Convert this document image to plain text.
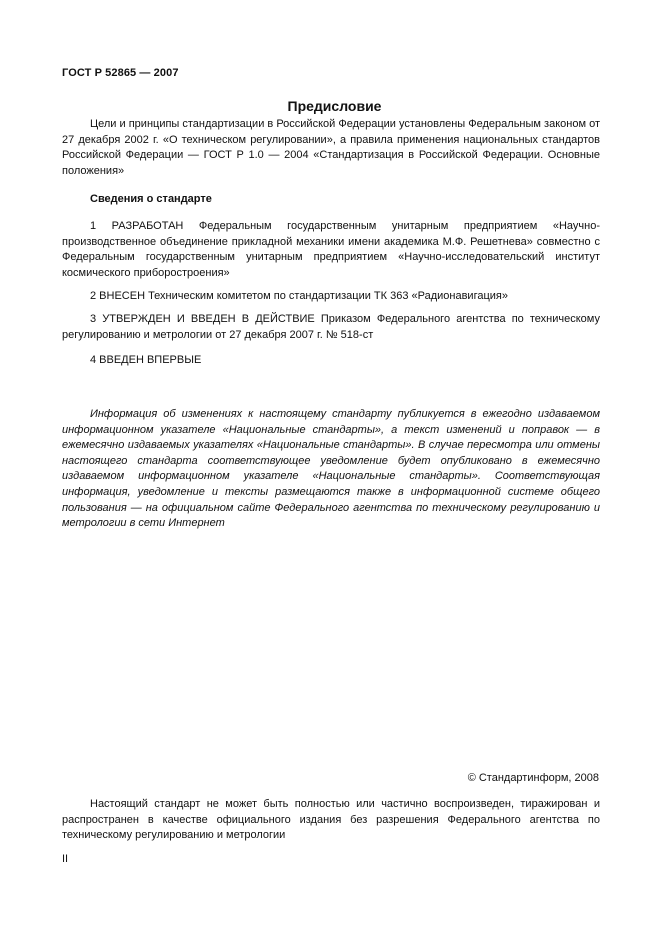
ГОСТ Р 52865 — 2007
Предисловие

Цели и принципы стандартизации в Российской Федерации установлены Федеральным законом от 27 декабря 2002 г. «О техническом регулировании», а правила применения национальных стандартов Российской Федерации — ГОСТ Р 1.0 — 2004 «Стандартизация в Российской Федерации. Основные положения»

Сведения о стандарте

1 РАЗРАБОТАН Федеральным государственным унитарным предприятием «Научно-производственное объединение прикладной механики имени академика М.Ф. Решетнева» совместно с Федеральным государственным унитарным предприятием «Научно-исследовательский институт космического приборостроения»

2 ВНЕСЕН Техническим комитетом по стандартизации ТК 363 «Радионавигация»

3 УТВЕРЖДЕН И ВВЕДЕН В ДЕЙСТВИЕ Приказом Федерального агентства по техническому регулированию и метрологии от 27 декабря 2007 г. № 518-ст

4 ВВЕДЕН ВПЕРВЫЕ

Информация об изменениях к настоящему стандарту публикуется в ежегодно издаваемом информационном указателе «Национальные стандарты», а текст изменений и поправок — в ежемесячно издаваемых указателях «Национальные стандарты». В случае пересмотра или отмены настоящего стандарта соответствующее уведомление будет опубликовано в ежемесячно издаваемом информационном указателе «Национальные стандарты». Соответствующая информация, уведомление и тексты размещаются также в информационной системе общего пользования — на официальном сайте Федерального агентства по техническому регулированию и метрологии в сети Интернет

© Стандартинформ, 2008

Настоящий стандарт не может быть полностью или частично воспроизведен, тиражирован и распространен в качестве официального издания без разрешения Федерального агентства по техническому регулированию и метрологии

II
